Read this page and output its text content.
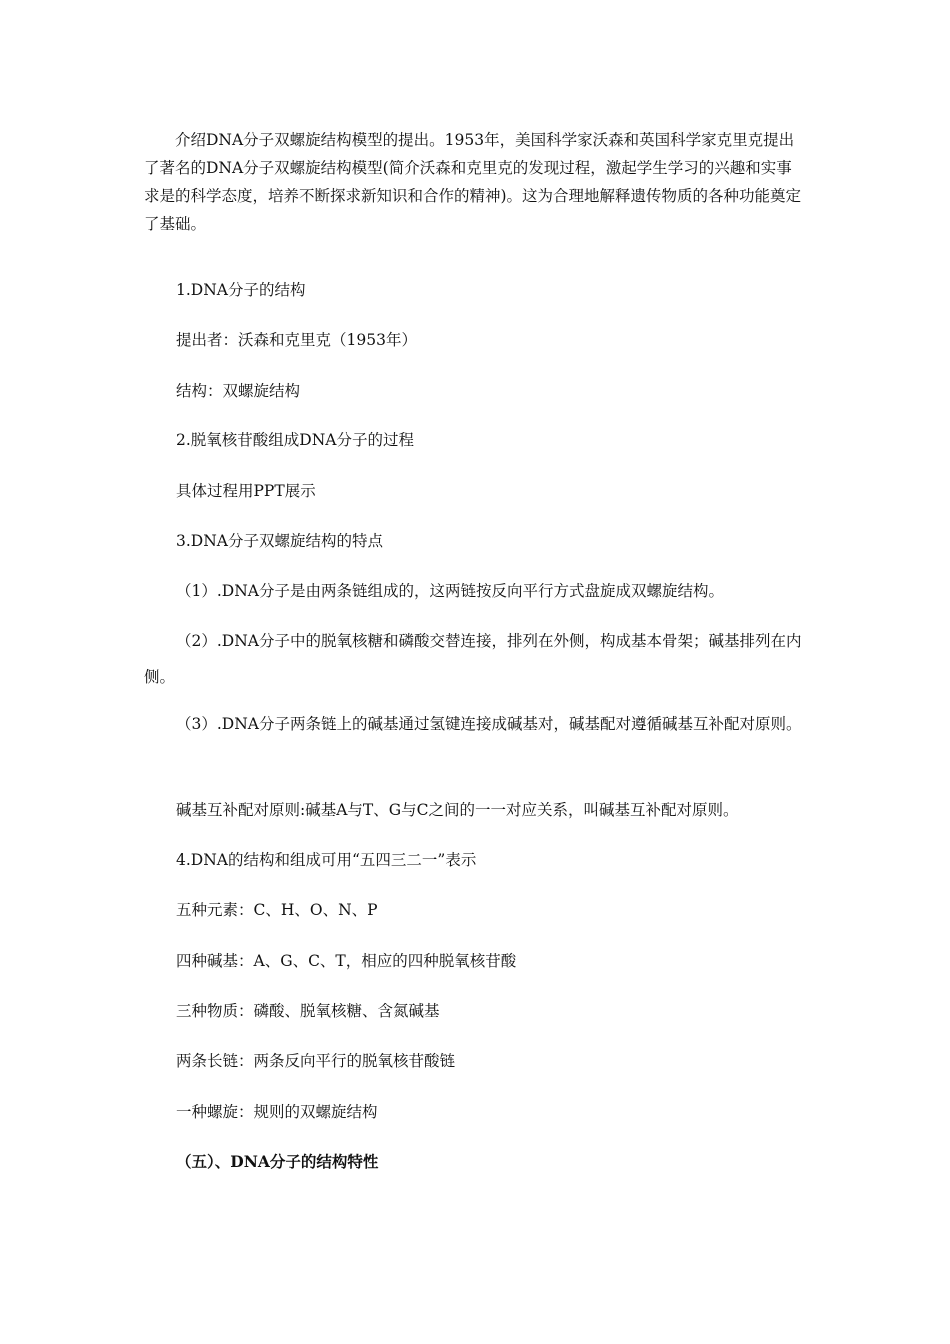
介绍DNA分子双螺旋结构模型的提出。1953年，美国科学家沃森和英国科学家克里克提出了著名的DNA分子双螺旋结构模型(简介沃森和克里克的发现过程，激起学生学习的兴趣和实事求是的科学态度，培养不断探求新知识和合作的精神)。这为合理地解释遗传物质的各种功能奠定了基础。

1.DNA分子的结构

提出者：沃森和克里克（1953年）

结构：双螺旋结构

2.脱氧核苷酸组成DNA分子的过程

具体过程用PPT展示

3.DNA分子双螺旋结构的特点

（1）.DNA分子是由两条链组成的，这两链按反向平行方式盘旋成双螺旋结构。

（2）.DNA分子中的脱氧核糖和磷酸交替连接，排列在外侧，构成基本骨架；碱基排列在内侧。

（3）.DNA分子两条链上的碱基通过氢键连接成碱基对，碱基配对遵循碱基互补配对原则。

碱基互补配对原则:碱基A与T、G与C之间的一一对应关系，叫碱基互补配对原则。

4.DNA的结构和组成可用“五四三二一”表示

五种元素：C、H、O、N、P

四种碱基：A、G、C、T，相应的四种脱氧核苷酸

三种物质：磷酸、脱氧核糖、含氮碱基

两条长链：两条反向平行的脱氧核苷酸链

一种螺旋：规则的双螺旋结构

（五）、DNA分子的结构特性
